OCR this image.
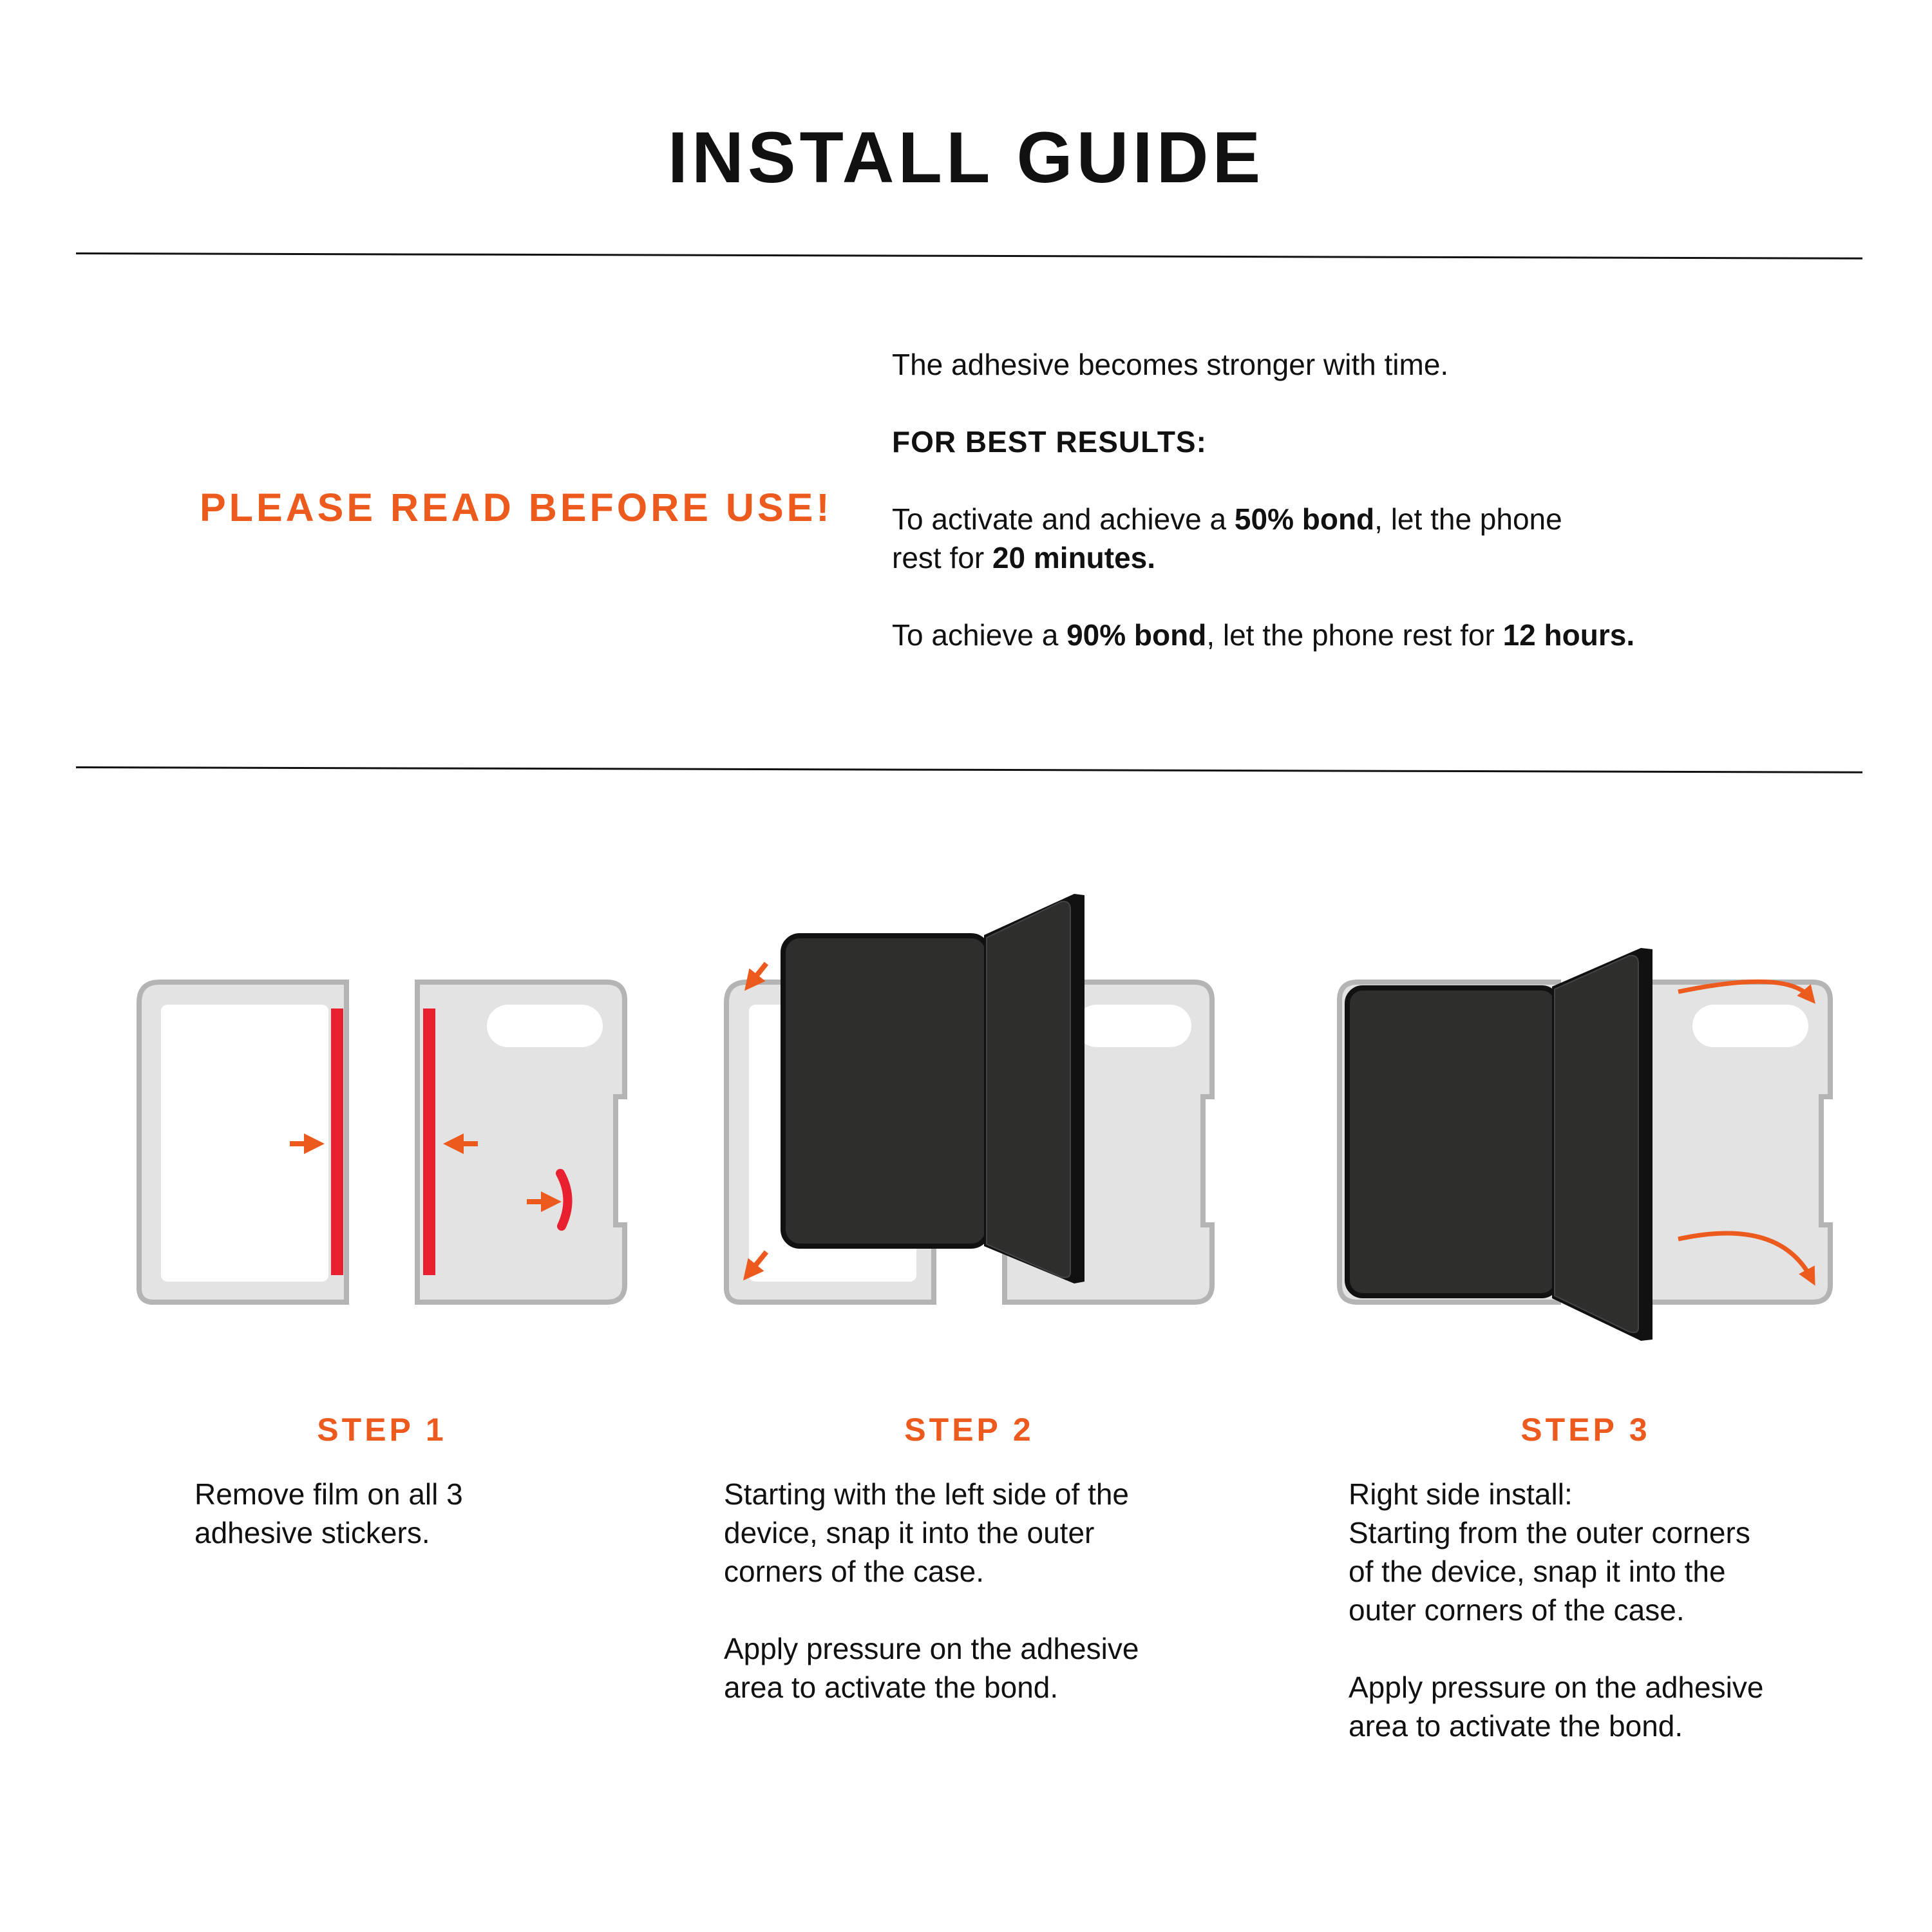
INSTALL GUIDE
PLEASE READ BEFORE USE!
The adhesive becomes stronger with time.
FOR BEST RESULTS:
To activate and achieve a 50% bond, let the phone
rest for 20 minutes.
To achieve a 90% bond, let the phone rest for 12 hours.
STEP 1
Remove film on all 3
adhesive stickers.
STEP 2
Starting with the left side of the
device, snap it into the outer
corners of the case.

Apply pressure on the adhesive
area to activate the bond.
STEP 3
Right side install:
Starting from the outer corners
of the device, snap it into the
outer corners of the case.

Apply pressure on the adhesive
area to activate the bond.
